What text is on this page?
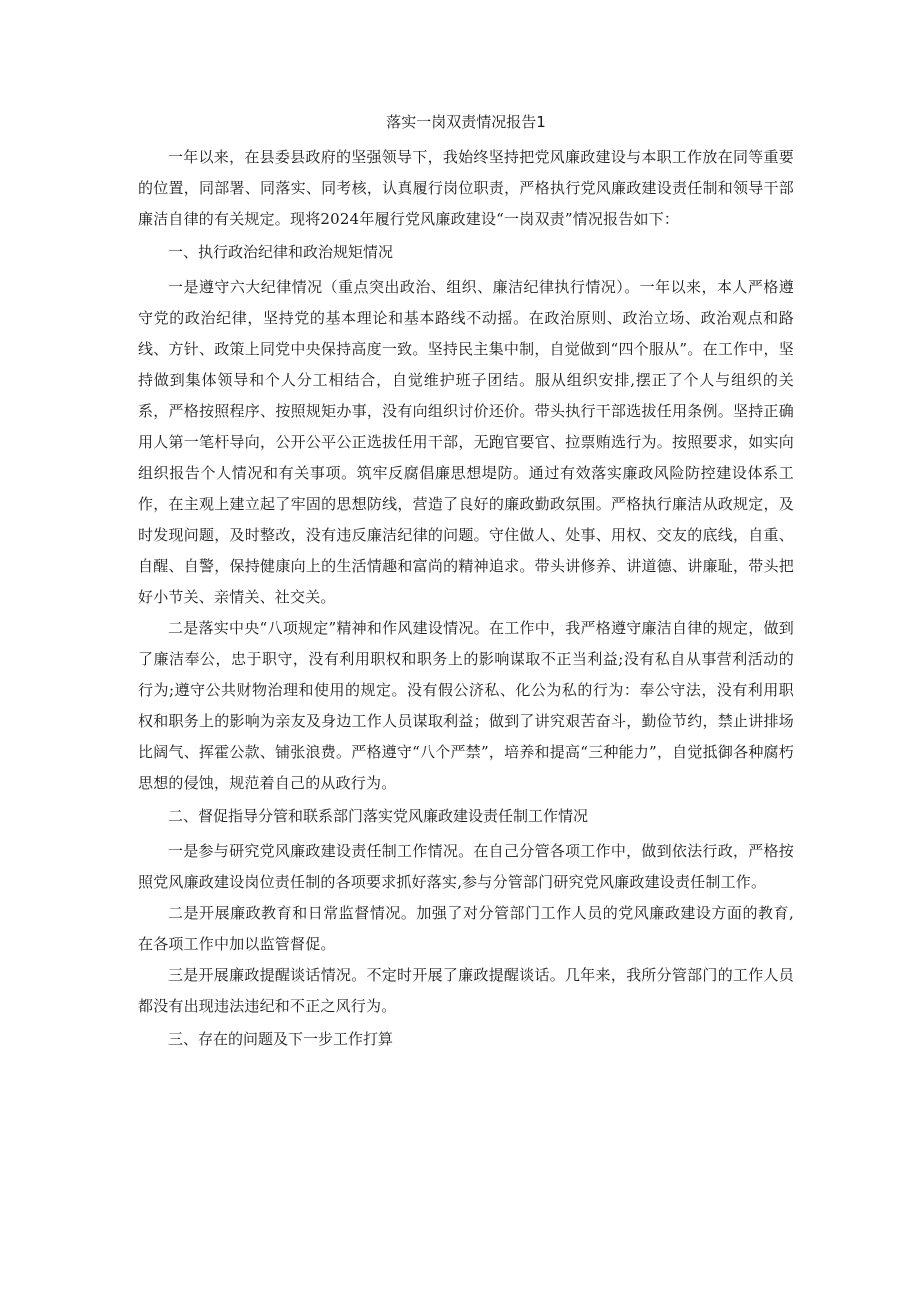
落实一岗双责情况报告1

一年以来，在县委县政府的坚强领导下，我始终坚持把党风廉政建设与本职工作放在同等重要的位置，同部署、同落实、同考核，认真履行岗位职责，严格执行党风廉政建设责任制和领导干部廉洁自律的有关规定。现将2024年履行党风廉政建设“一岗双责”情况报告如下：

一、执行政治纪律和政治规矩情况

一是遵守六大纪律情况（重点突出政治、组织、廉洁纪律执行情况）。一年以来，本人严格遵守党的政治纪律，坚持党的基本理论和基本路线不动摇。在政治原则、政治立场、政治观点和路线、方针、政策上同党中央保持高度一致。坚持民主集中制，自觉做到“四个服从”。在工作中，坚持做到集体领导和个人分工相结合，自觉维护班子团结。服从组织安排,摆正了个人与组织的关系，严格按照程序、按照规矩办事，没有向组织讨价还价。带头执行干部选拔任用条例。坚持正确用人第一笔杆导向，公开公平公正选拔任用干部，无跑官要官、拉票贿选行为。按照要求，如实向组织报告个人情况和有关事项。筑牢反腐倡廉思想堤防。通过有效落实廉政风险防控建设体系工作，在主观上建立起了牢固的思想防线，营造了良好的廉政勤政氛围。严格执行廉洁从政规定，及时发现问题，及时整改，没有违反廉洁纪律的问题。守住做人、处事、用权、交友的底线，自重、自醒、自警，保持健康向上的生活情趣和富尚的精神追求。带头讲修养、讲道德、讲廉耻，带头把好小节关、亲情关、社交关。

二是落实中央“八项规定”精神和作风建设情况。在工作中，我严格遵守廉洁自律的规定，做到了廉洁奉公，忠于职守，没有利用职权和职务上的影响谋取不正当利益;没有私自从事营利活动的行为;遵守公共财物治理和使用的规定。没有假公济私、化公为私的行为：奉公守法，没有利用职权和职务上的影响为亲友及身边工作人员谋取利益；做到了讲究艰苦奋斗，勤俭节约，禁止讲排场比阔气、挥霍公款、铺张浪费。严格遵守“八个严禁”，培养和提高“三种能力”，自觉抵御各种腐朽思想的侵蚀，规范着自己的从政行为。

二、督促指导分管和联系部门落实党风廉政建设责任制工作情况

一是参与研究党风廉政建设责任制工作情况。在自己分管各项工作中，做到依法行政，严格按照党风廉政建设岗位责任制的各项要求抓好落实,参与分管部门研究党风廉政建设责任制工作。

二是开展廉政教育和日常监督情况。加强了对分管部门工作人员的党风廉政建设方面的教育,在各项工作中加以监管督促。

三是开展廉政提醒谈话情况。不定时开展了廉政提醒谈话。几年来，我所分管部门的工作人员都没有出现违法违纪和不正之风行为。

三、存在的问题及下一步工作打算
